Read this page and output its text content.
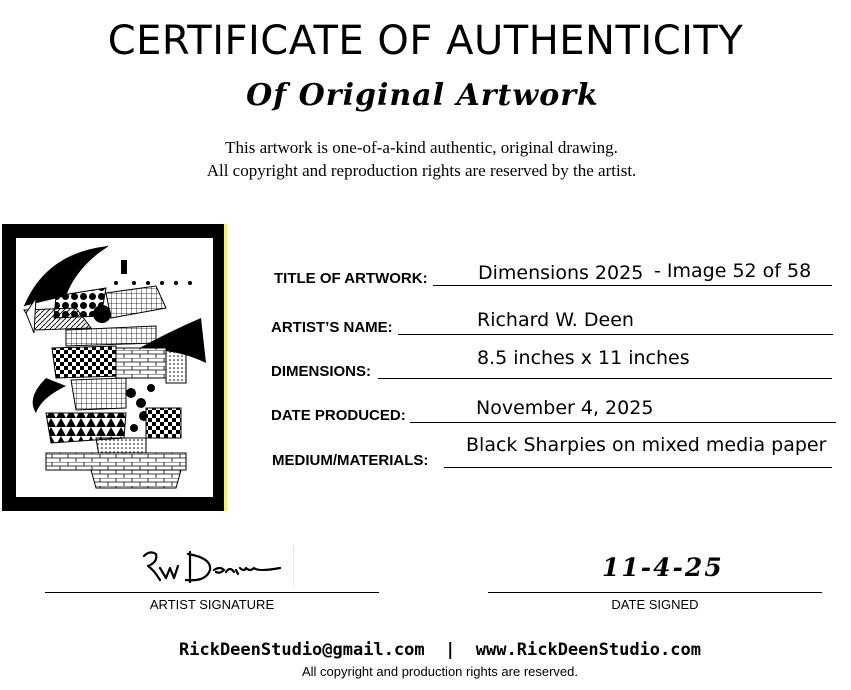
CERTIFICATE OF AUTHENTICITY
Of Original Artwork
This artwork is one-of-a-kind authentic, original drawing.
All copyright and reproduction rights are reserved by the artist.
TITLE OF ARTWORK:	Dimensions 2025 - Image 52 of 58
ARTIST’S NAME:	Richard W. Deen
DIMENSIONS:
8.5 inches x 11 inches
DATE PRODUCED:	November 4, 2025
MEDIUM/MATERIALS:
Black Sharpies on mixed media paper
ARTIST SIGNATURE
11-4-25
DATE SIGNED
RickDeenStudio@gmail.com  |  www.RickDeenStudio.com
All copyright and production rights are reserved.
